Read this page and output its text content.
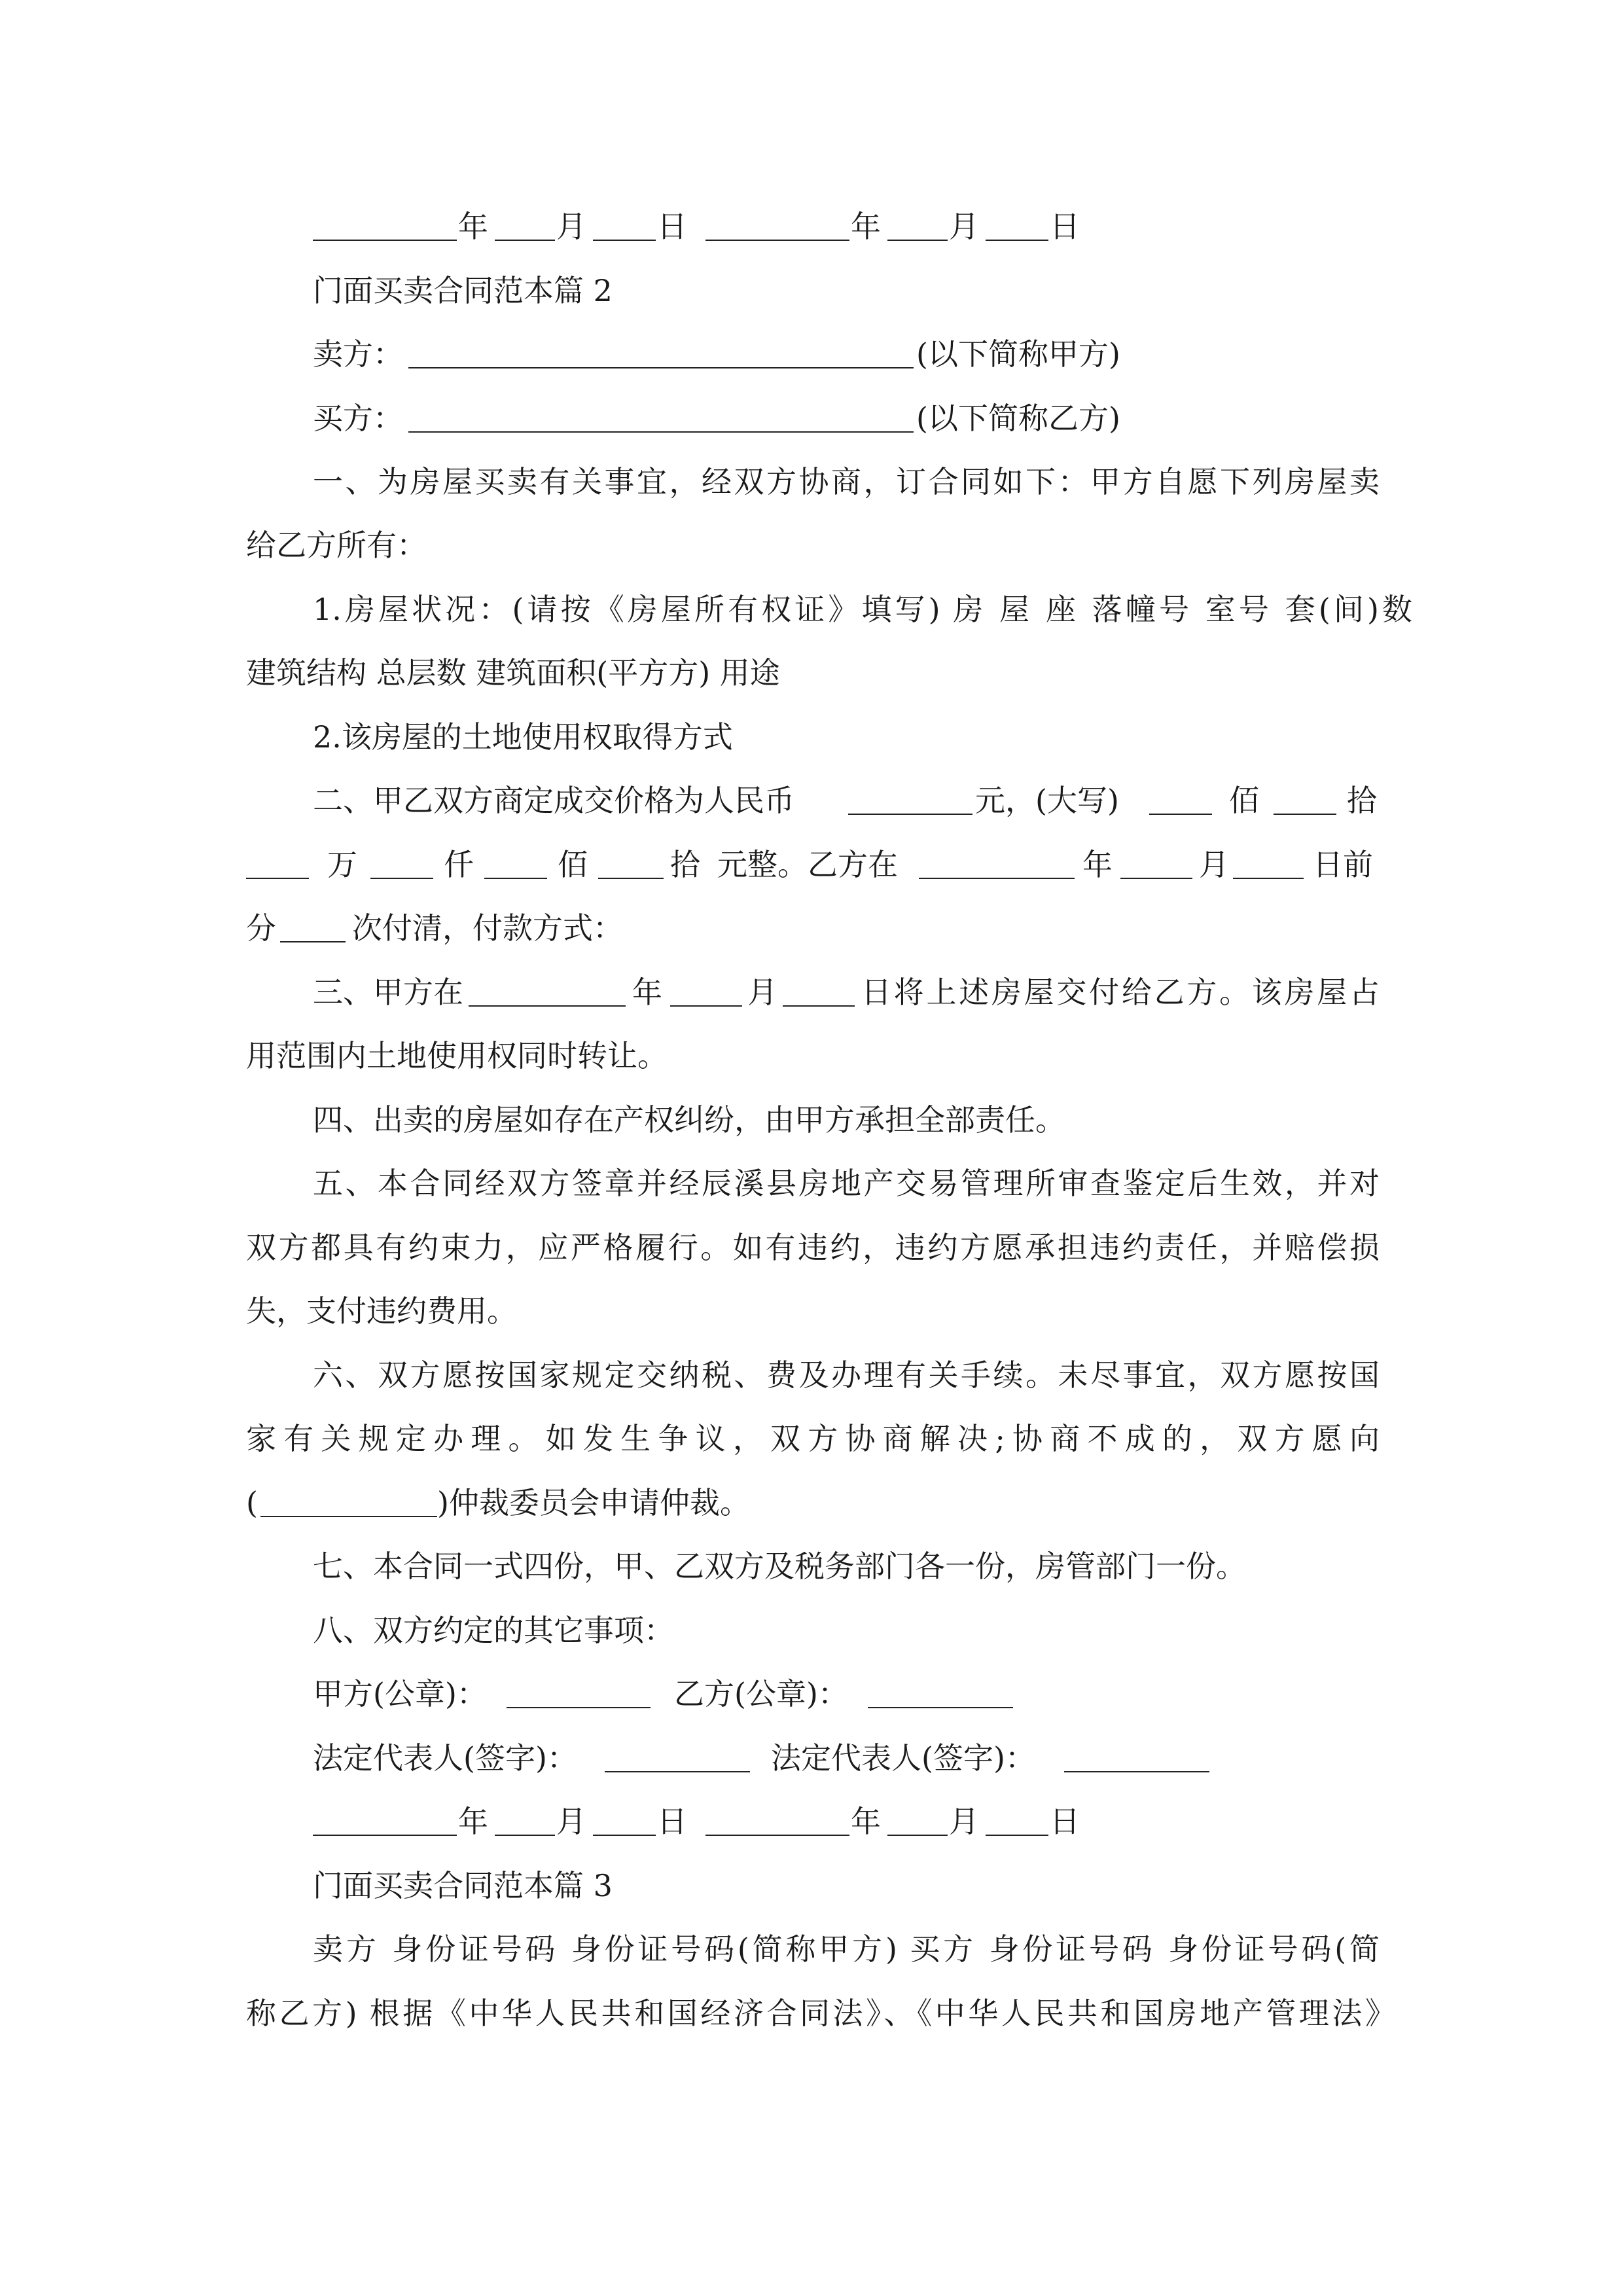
年 月 日	年 月 日
门面买卖合同范本篇 2
卖方：	(以下简称甲方)
买方：	(以下简称乙方)
一、为房屋买卖有关事宜，经双方协商，订合同如下：甲方自愿下列房屋卖
给乙方所有：
1.房屋状况：(请按《房屋所有权证》填写) 房 屋 座 落幢号 室号 套(间)数
建筑结构 总层数 建筑面积(平方方) 用途
2.该房屋的土地使用权取得方式
二、甲乙双方商定成交价格为人民币	元，(大写)	佰	拾
万	仟	佰	拾 元整。乙方在	年	月	日前
分	次付清，付款方式：
三、甲方在	年	月	日将上述房屋交付给乙方。该房屋占
用范围内土地使用权同时转让。
四、出卖的房屋如存在产权纠纷，由甲方承担全部责任。
五、本合同经双方签章并经辰溪县房地产交易管理所审查鉴定后生效，并对
双方都具有约束力，应严格履行。如有违约，违约方愿承担违约责任，并赔偿损
失，支付违约费用。
六、双方愿按国家规定交纳税、费及办理有关手续。未尽事宜，双方愿按国
家有关规定办理。如发生争议，双方协商解决;协商不成的，双方愿向
(	)仲裁委员会申请仲裁。
七、本合同一式四份，甲、乙双方及税务部门各一份，房管部门一份。
八、双方约定的其它事项：
甲方(公章)：	乙方(公章)：
法定代表人(签字)：	法定代表人(签字)：
年 月 日	年 月 日
门面买卖合同范本篇 3
卖方 身份证号码 身份证号码(简称甲方) 买方 身份证号码 身份证号码(简
称乙方) 根据《中华人民共和国经济合同法》、《中华人民共和国房地产管理法》
